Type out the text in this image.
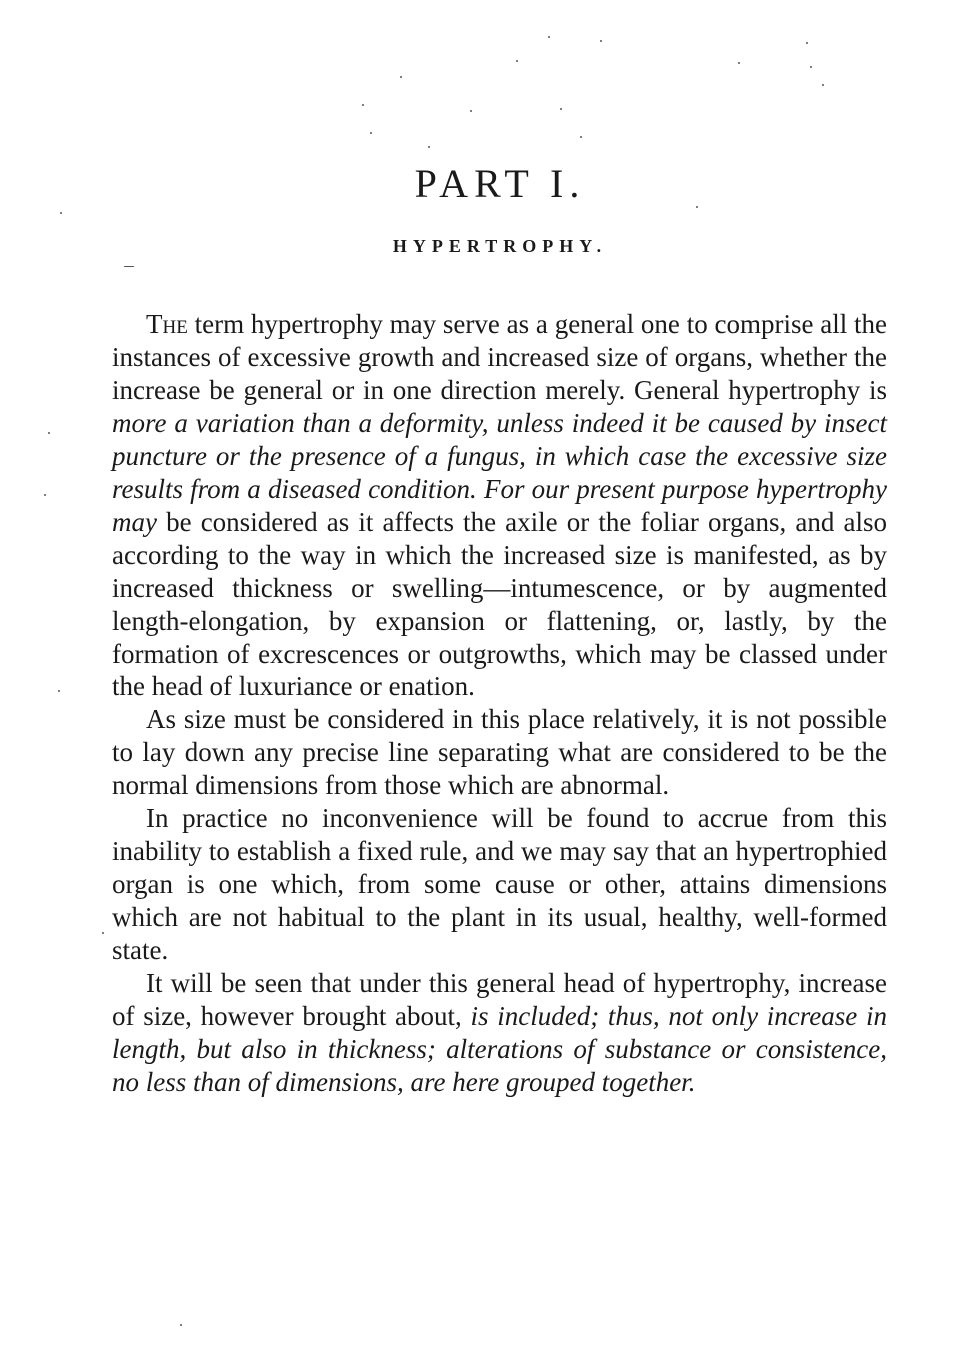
PART I.
HYPERTROPHY.

The term hypertrophy may serve as a general one to comprise all the instances of excessive growth and increased size of organs, whether the increase be general or in one direction merely. General hypertrophy is more a variation than a deformity, unless indeed it be caused by insect puncture or the presence of a fungus, in which case the excessive size results from a diseased condition. For our present purpose hypertrophy may be considered as it affects the axile or the foliar organs, and also according to the way in which the increased size is manifested, as by increased thickness or swelling—intumescence, or by augmented length-elongation, by expansion or flattening, or, lastly, by the formation of excrescences or outgrowths, which may be classed under the head of luxuriance or enation.

As size must be considered in this place relatively, it is not possible to lay down any precise line separating what are considered to be the normal dimensions from those which are abnormal.

In practice no inconvenience will be found to accrue from this inability to establish a fixed rule, and we may say that an hypertrophied organ is one which, from some cause or other, attains dimensions which are not habitual to the plant in its usual, healthy, well-formed state.

It will be seen that under this general head of hypertrophy, increase of size, however brought about, is included; thus, not only increase in length, but also in thickness; alterations of substance or consistence, no less than of dimensions, are here grouped together.
